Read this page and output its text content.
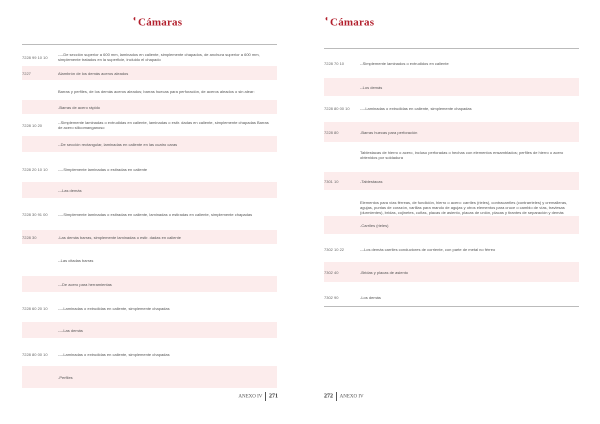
◖Cámaras
7228 99 10 10	----De sección superior a 600 mm, laminados en caliente, simplemente chapados, de anchura superior a 600 mm, simplemente tratados en la superficie, incluido el chapado
7227	Alambrón de los demás aceros aleados
Barras y perfiles, de los demás aceros aleados; barras huecas para perforación, de aceros aleados o sin alear:
-Barras de acero rápido
7228 10 20	--Simplemente laminadas o extrudidas en caliente, laminadas o estir. dadas en caliente, simplemente chapadas Barras de acero silicomanganoso
--De sección rectangular, laminadas en caliente en las cuatro caras
7228 20 10 10	----Simplemente laminadas o estiradas en caliente
---Las demás
7228 30 91 00	----Simplemente laminadas o estiradas en caliente, laminadas o estiradas en caliente, simplemente chapadas
7228 30	-Las demás barras, simplemente laminadas o estir. dadas en caliente
--Las citadas barras
---De acero para herramientas
7228 60 20 10	----Laminadas o extrudidas en caliente, simplemente chapadas
----Las demás
7228 80 00 10	----Laminadas o extrudidas en caliente, simplemente chapadas
-Perfiles
ANEXO IV 271
◖Cámaras
7228 70 10	--Simplemente laminados o extrudidos en caliente
--Los demás
7228 80 00 10	----Laminadas o extrudidas en caliente, simplemente chapadas
7228 80	-Barras huecas para perforación
Tablestacas de hierro o acero, incluso perforadas o hechas con elementos ensamblados; perfiles de hierro o acero obtenidos por soldadura
7301 10	-Tablestacas
Elementos para vías férreas, de fundición, hierro o acero: carriles (rieles), contracarriles (contrarrieles) y cremalleras, agujas, puntas de corazón, varillas para mando de agujas y otros elementos para cruce o cambio de vías, traviesas (durmientes), bridas, cojinetes, cuñas, placas de asiento, placas de unión, placas y tirantes de separación y demás
-Carriles (rieles)
7302 10 22	---Los demás carriles conductores de corriente, con parte de metal no férreo
7302 40	-Bridas y placas de asiento
7302 90	-Los demás
272 ANEXO IV
